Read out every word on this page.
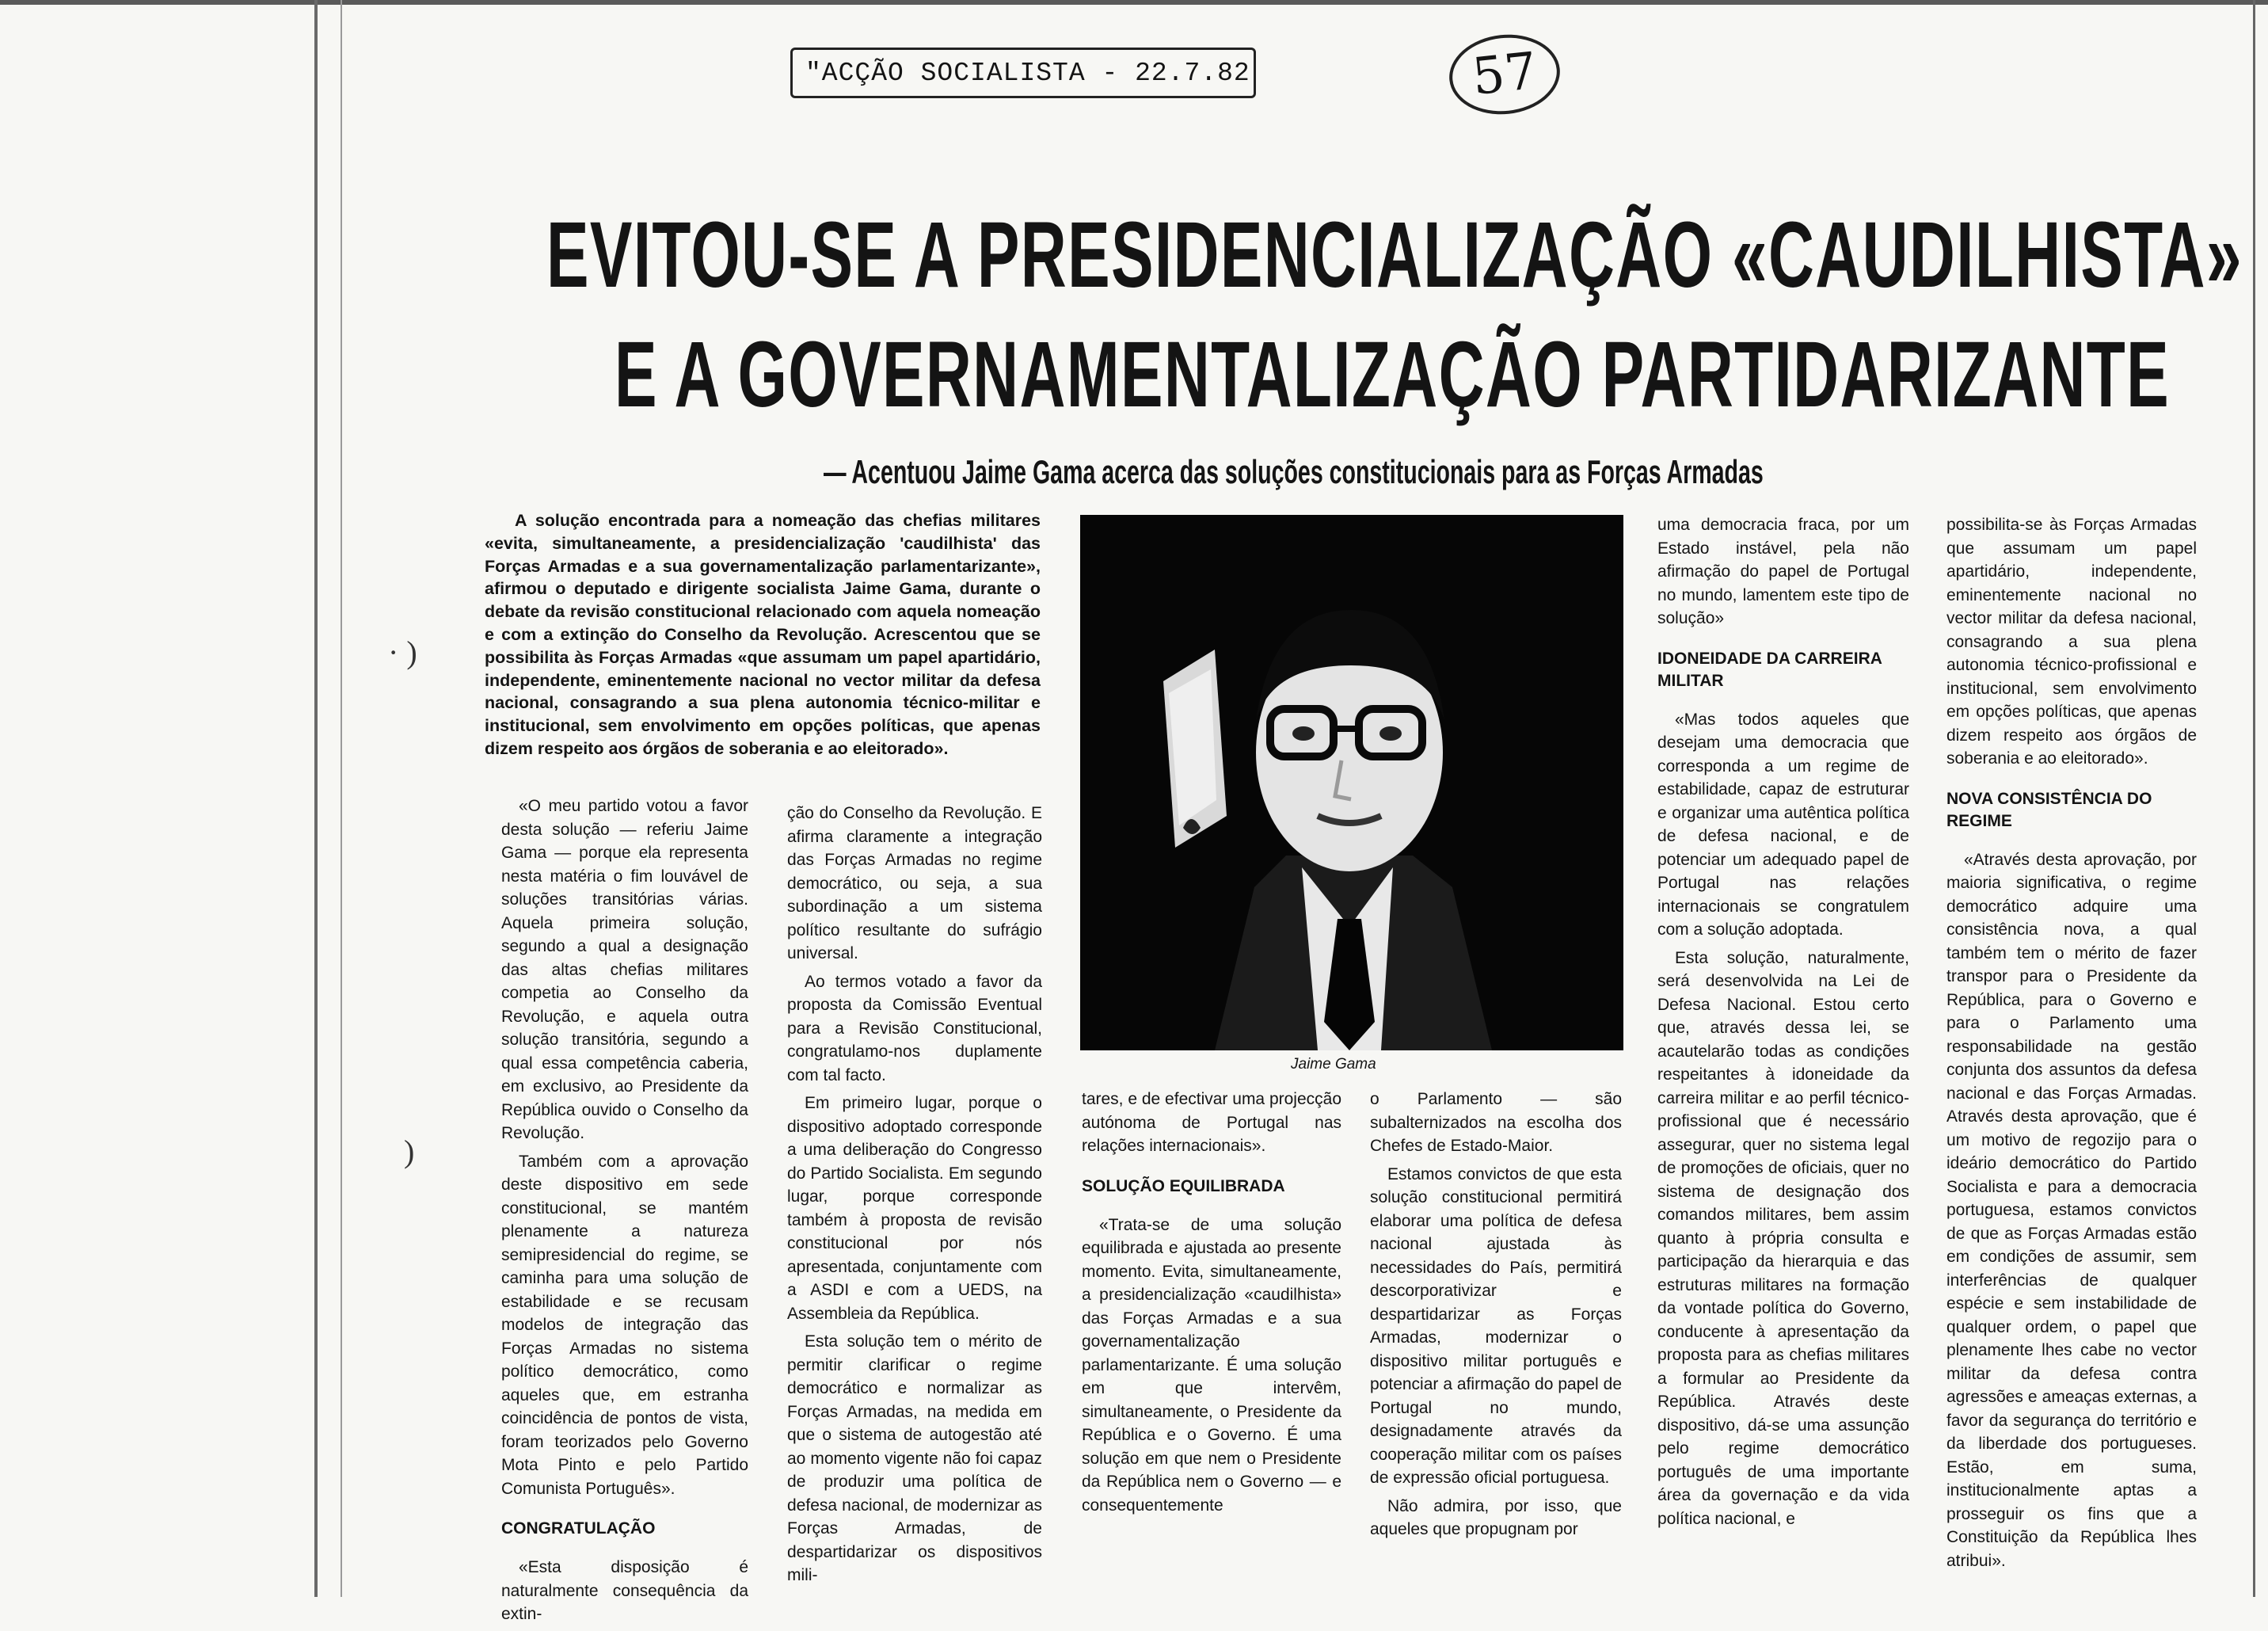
· )
)
"ACÇÃO SOCIALISTA - 22.7.82	57
EVITOU-SE A PRESIDENCIALIZAÇÃO «CAUDILHISTA»
E A GOVERNAMENTALIZAÇÃO PARTIDARIZANTE
— Acentuou Jaime Gama acerca das soluções constitucionais para as Forças Armadas

A solução encontrada para a nomeação das chefias militares «evita, simultaneamente, a presidencialização 'caudilhista' das Forças Armadas e a sua governamentalização parlamentarizante», afirmou o deputado e dirigente socialista Jaime Gama, durante o debate da revisão constitucional relacionado com aquela nomeação e com a extinção do Conselho da Revolução. Acrescentou que se possibilita às Forças Armadas «que assumam um papel apartidário, independente, eminentemente nacional no vector militar da defesa nacional, consagrando a sua plena autonomia técnico-militar e institucional, sem envolvimento em opções políticas, que apenas dizem respeito aos órgãos de soberania e ao eleitorado».

Jaime Gama

«O meu partido votou a favor desta solução — referiu Jaime Gama — porque ela representa nesta matéria o fim louvável de soluções transitórias várias. Aquela primeira solução, segundo a qual a designação das altas chefias militares competia ao Conselho da Revolução, e aquela outra solução transitória, segundo a qual essa competência caberia, em exclusivo, ao Presidente da República ouvido o Conselho da Revolução.

Também com a aprovação deste dispositivo em sede constitucional, se mantém plenamente a natureza semipresidencial do regime, se caminha para uma solução de estabilidade e se recusam modelos de integração das Forças Armadas no sistema político democrático, como aqueles que, em estranha coincidência de pontos de vista, foram teorizados pelo Governo Mota Pinto e pelo Partido Comunista Português».

CONGRATULAÇÃO

«Esta disposição é naturalmente consequência da extin-

ção do Conselho da Revolução. E afirma claramente a integração das Forças Armadas no regime democrático, ou seja, a sua subordinação a um sistema político resultante do sufrágio universal.

Ao termos votado a favor da proposta da Comissão Eventual para a Revisão Constitucional, congratulamo-nos duplamente com tal facto.

Em primeiro lugar, porque o dispositivo adoptado corresponde a uma deliberação do Congresso do Partido Socialista. Em segundo lugar, porque corresponde também à proposta de revisão constitucional por nós apresentada, conjuntamente com a ASDI e com a UEDS, na Assembleia da República.

Esta solução tem o mérito de permitir clarificar o regime democrático e normalizar as Forças Armadas, na medida em que o sistema de autogestão até ao momento vigente não foi capaz de produzir uma política de defesa nacional, de modernizar as Forças Armadas, de despartidarizar os dispositivos mili-

tares, e de efectivar uma projecção autónoma de Portugal nas relações internacionais».

SOLUÇÃO EQUILIBRADA

«Trata-se de uma solução equilibrada e ajustada ao presente momento. Evita, simultaneamente, a presidencialização «caudilhista» das Forças Armadas e a sua governamentalização parlamentarizante. É uma solução em que intervêm, simultaneamente, o Presidente da República e o Governo. É uma solução em que nem o Presidente da República nem o Governo — e consequentemente

o Parlamento — são subalternizados na escolha dos Chefes de Estado-Maior.

Estamos convictos de que esta solução constitucional permitirá elaborar uma política de defesa nacional ajustada às necessidades do País, permitirá descorporativizar e despartidarizar as Forças Armadas, modernizar o dispositivo militar português e potenciar a afirmação do papel de Portugal no mundo, designadamente através da cooperação militar com os países de expressão oficial portuguesa.

Não admira, por isso, que aqueles que propugnam por

uma democracia fraca, por um Estado instável, pela não afirmação do papel de Portugal no mundo, lamentem este tipo de solução»

IDONEIDADE DA CARREIRA MILITAR

«Mas todos aqueles que desejam uma democracia que corresponda a um regime de estabilidade, capaz de estruturar e organizar uma autêntica política de defesa nacional, e de potenciar um adequado papel de Portugal nas relações internacionais se congratulem com a solução adoptada.

Esta solução, naturalmente, será desenvolvida na Lei de Defesa Nacional. Estou certo que, através dessa lei, se acautelarão todas as condições respeitantes à idoneidade da carreira militar e ao perfil técnico-profissional que é necessário assegurar, quer no sistema legal de promoções de oficiais, quer no sistema de designação dos comandos militares, bem assim quanto à própria consulta e participação da hierarquia e das estruturas militares na formação da vontade política do Governo, conducente à apresentação da proposta para as chefias militares a formular ao Presidente da República. Através deste dispositivo, dá-se uma assunção pelo regime democrático português de uma importante área da governação e da vida política nacional, e

possibilita-se às Forças Armadas que assumam um papel apartidário, independente, eminentemente nacional no vector militar da defesa nacional, consagrando a sua plena autonomia técnico-profissional e institucional, sem envolvimento em opções políticas, que apenas dizem respeito aos órgãos de soberania e ao eleitorado».

NOVA CONSISTÊNCIA DO REGIME

«Através desta aprovação, por maioria significativa, o regime democrático adquire uma consistência nova, a qual também tem o mérito de fazer transpor para o Presidente da República, para o Governo e para o Parlamento uma responsabilidade na gestão conjunta dos assuntos da defesa nacional e das Forças Armadas. Através desta aprovação, que é um motivo de regozijo para o ideário democrático do Partido Socialista e para a democracia portuguesa, estamos convictos de que as Forças Armadas estão em condições de assumir, sem interferências de qualquer espécie e sem instabilidade de qualquer ordem, o papel que plenamente lhes cabe no vector militar da defesa contra agressões e ameaças externas, a favor da segurança do território e da liberdade dos portugueses. Estão, em suma, institucionalmente aptas a prosseguir os fins que a Constituição da República lhes atribui».
